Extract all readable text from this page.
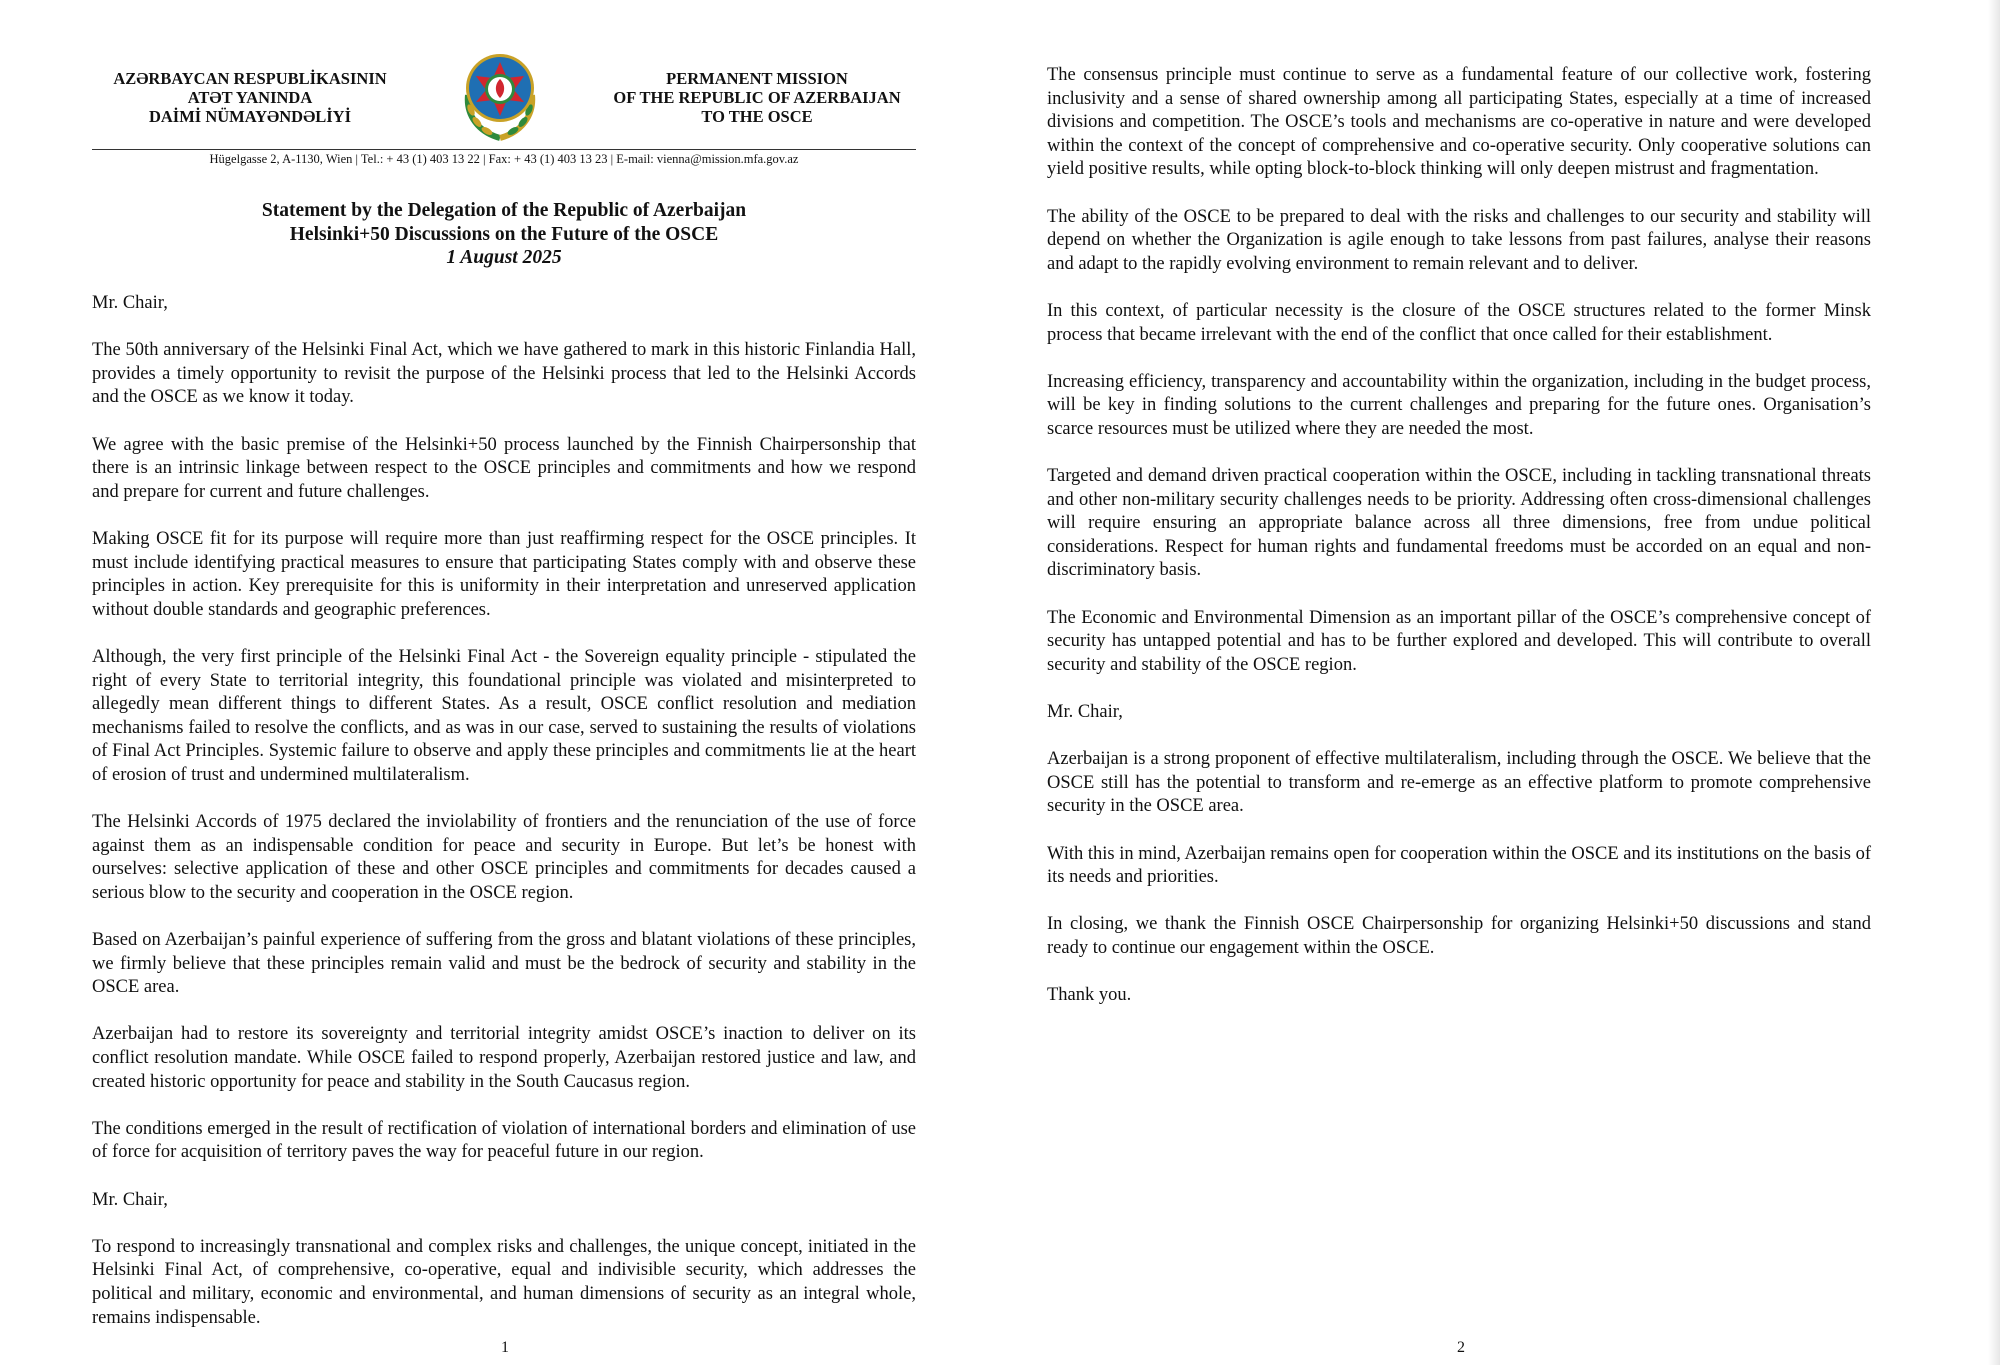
AZƏRBAYCAN RESPUBLİKASININ
ATƏT YANINDA
DAİMİ NÜMAYƏNDƏLİYİ
PERMANENT MISSION
OF THE REPUBLIC OF AZERBAIJAN
TO THE OSCE
Hügelgasse 2, A-1130, Wien | Tel.: + 43 (1) 403 13 22 | Fax: + 43 (1) 403 13 23 | E-mail: vienna@mission.mfa.gov.az
Statement by the Delegation of the Republic of Azerbaijan
Helsinki+50 Discussions on the Future of the OSCE
1 August 2025

Mr. Chair,

The 50th anniversary of the Helsinki Final Act, which we have gathered to mark in this historic Finlandia Hall, provides a timely opportunity to revisit the purpose of the Helsinki process that led to the Helsinki Accords and the OSCE as we know it today.

We agree with the basic premise of the Helsinki+50 process launched by the Finnish Chairpersonship that there is an intrinsic linkage between respect to the OSCE principles and commitments and how we respond and prepare for current and future challenges.

Making OSCE fit for its purpose will require more than just reaffirming respect for the OSCE principles. It must include identifying practical measures to ensure that participating States comply with and observe these principles in action. Key prerequisite for this is uniformity in their interpretation and unreserved application without double standards and geographic preferences.

Although, the very first principle of the Helsinki Final Act - the Sovereign equality principle - stipulated the right of every State to territorial integrity, this foundational principle was violated and misinterpreted to allegedly mean different things to different States. As a result, OSCE conflict resolution and mediation mechanisms failed to resolve the conflicts, and as was in our case, served to sustaining the results of violations of Final Act Principles. Systemic failure to observe and apply these principles and commitments lie at the heart of erosion of trust and undermined multilateralism.

The Helsinki Accords of 1975 declared the inviolability of frontiers and the renunciation of the use of force against them as an indispensable condition for peace and security in Europe. But let’s be honest with ourselves: selective application of these and other OSCE principles and commitments for decades caused a serious blow to the security and cooperation in the OSCE region.

Based on Azerbaijan’s painful experience of suffering from the gross and blatant violations of these principles, we firmly believe that these principles remain valid and must be the bedrock of security and stability in the OSCE area.

Azerbaijan had to restore its sovereignty and territorial integrity amidst OSCE’s inaction to deliver on its conflict resolution mandate. While OSCE failed to respond properly, Azerbaijan restored justice and law, and created historic opportunity for peace and stability in the South Caucasus region.

The conditions emerged in the result of rectification of violation of international borders and elimination of use of force for acquisition of territory paves the way for peaceful future in our region.

Mr. Chair,

To respond to increasingly transnational and complex risks and challenges, the unique concept, initiated in the Helsinki Final Act, of comprehensive, co-operative, equal and indivisible security, which addresses the political and military, economic and environmental, and human dimensions of security as an integral whole, remains indispensable.

1

The consensus principle must continue to serve as a fundamental feature of our collective work, fostering inclusivity and a sense of shared ownership among all participating States, especially at a time of increased divisions and competition. The OSCE’s tools and mechanisms are co-operative in nature and were developed within the context of the concept of comprehensive and co-operative security. Only cooperative solutions can yield positive results, while opting block-to-block thinking will only deepen mistrust and fragmentation.

The ability of the OSCE to be prepared to deal with the risks and challenges to our security and stability will depend on whether the Organization is agile enough to take lessons from past failures, analyse their reasons and adapt to the rapidly evolving environment to remain relevant and to deliver.

In this context, of particular necessity is the closure of the OSCE structures related to the former Minsk process that became irrelevant with the end of the conflict that once called for their establishment.

Increasing efficiency, transparency and accountability within the organization, including in the budget process, will be key in finding solutions to the current challenges and preparing for the future ones. Organisation’s scarce resources must be utilized where they are needed the most.

Targeted and demand driven practical cooperation within the OSCE, including in tackling transnational threats and other non-military security challenges needs to be priority. Addressing often cross-dimensional challenges will require ensuring an appropriate balance across all three dimensions, free from undue political considerations. Respect for human rights and fundamental freedoms must be accorded on an equal and non-discriminatory basis.

The Economic and Environmental Dimension as an important pillar of the OSCE’s comprehensive concept of security has untapped potential and has to be further explored and developed. This will contribute to overall security and stability of the OSCE region.

Mr. Chair,

Azerbaijan is a strong proponent of effective multilateralism, including through the OSCE. We believe that the OSCE still has the potential to transform and re-emerge as an effective platform to promote comprehensive security in the OSCE area.

With this in mind, Azerbaijan remains open for cooperation within the OSCE and its institutions on the basis of its needs and priorities.

In closing, we thank the Finnish OSCE Chairpersonship for organizing Helsinki+50 discussions and stand ready to continue our engagement within the OSCE.

Thank you.

2
